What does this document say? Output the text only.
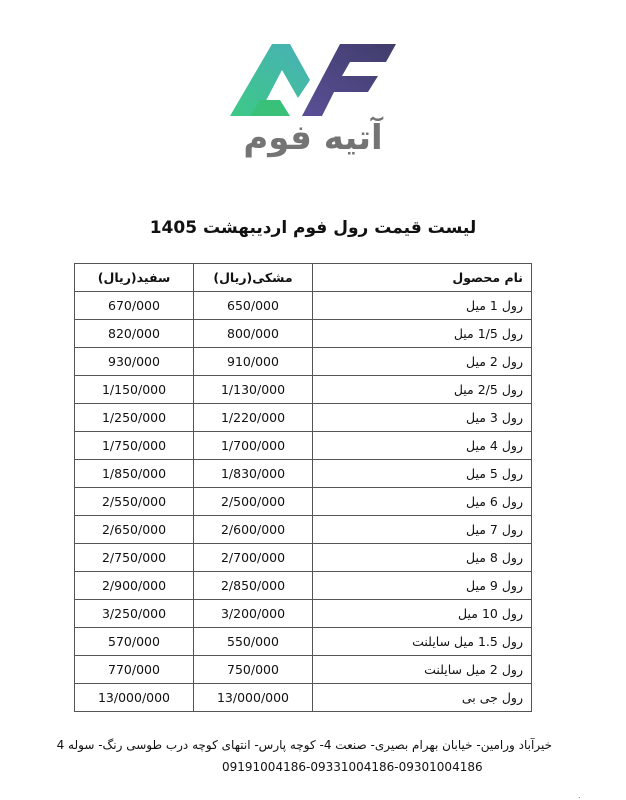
آتیه فوم
لیست قیمت رول فوم اردیبهشت 1405
سفید(ریال)	مشکی(ریال)	نام محصول
670/000	650/000	رول 1 میل
820/000	800/000	رول 1/5 میل
930/000	910/000	رول 2 میل
1/150/000	1/130/000	رول 2/5 میل
1/250/000	1/220/000	رول 3 میل
1/750/000	1/700/000	رول 4 میل
1/850/000	1/830/000	رول 5 میل
2/550/000	2/500/000	رول 6 میل
2/650/000	2/600/000	رول 7 میل
2/750/000	2/700/000	رول 8 میل
2/900/000	2/850/000	رول 9 میل
3/250/000	3/200/000	رول 10 میل
570/000	550/000	رول 1.5 میل سایلنت
770/000	750/000	رول 2 میل سایلنت
13/000/000	13/000/000	رول جی بی
خیرآباد ورامین- خیابان بهرام بصیری- صنعت 4- کوچه پارس- انتهای کوچه درب طوسی رنگ- سوله 4
09191004186-09331004186-09301004186
.
